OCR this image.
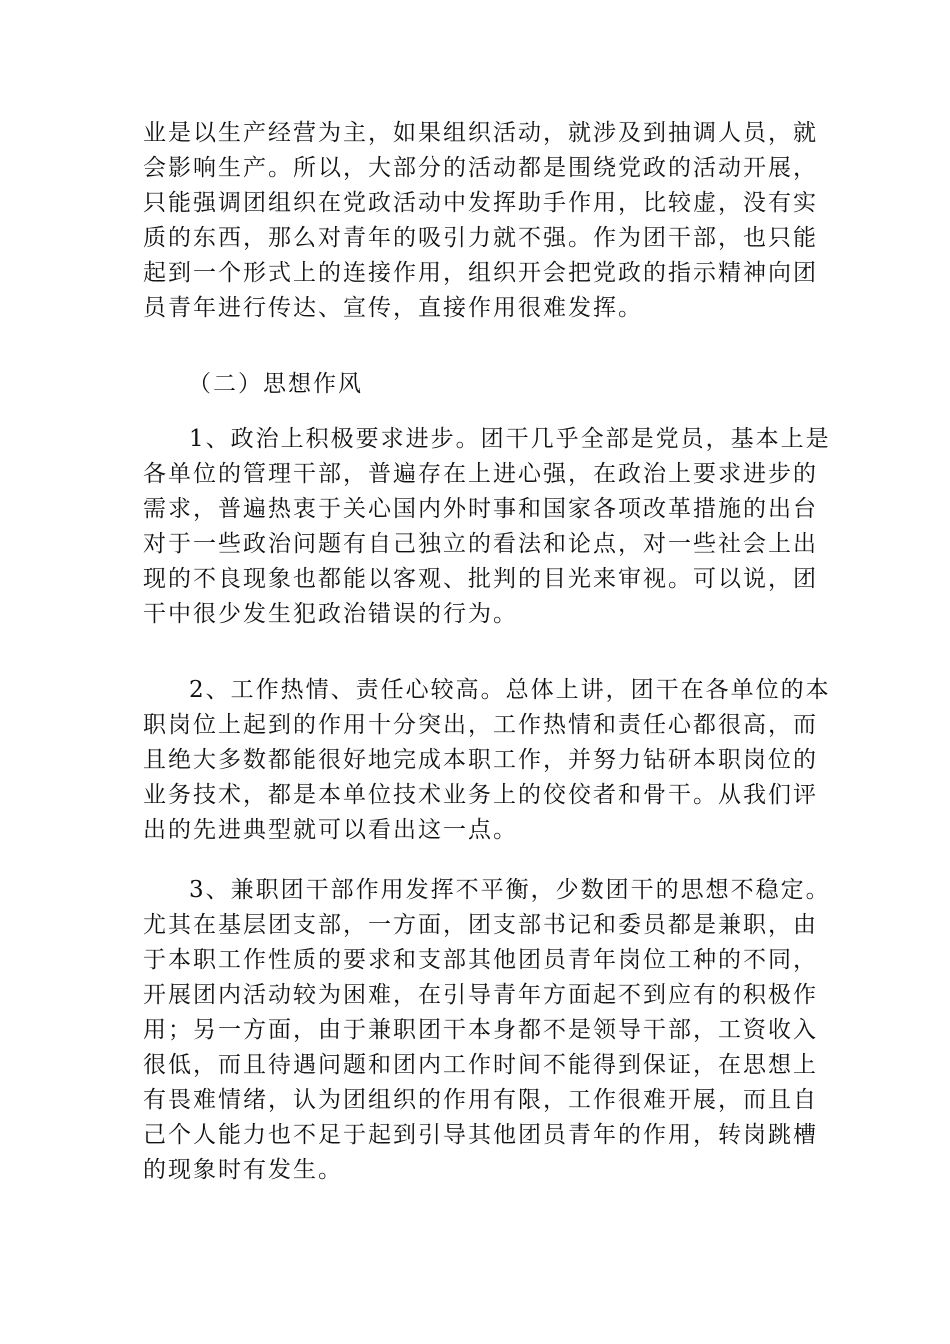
业是以生产经营为主，如果组织活动，就涉及到抽调人员，就
会影响生产。所以，大部分的活动都是围绕党政的活动开展，
只能强调团组织在党政活动中发挥助手作用，比较虚，没有实
质的东西，那么对青年的吸引力就不强。作为团干部，也只能
起到一个形式上的连接作用，组织开会把党政的指示精神向团
员青年进行传达、宣传，直接作用很难发挥。
（二）思想作风
1、政治上积极要求进步。团干几乎全部是党员，基本上是
各单位的管理干部，普遍存在上进心强，在政治上要求进步的
需求，普遍热衷于关心国内外时事和国家各项改革措施的出台
对于一些政治问题有自己独立的看法和论点，对一些社会上出
现的不良现象也都能以客观、批判的目光来审视。可以说，团
干中很少发生犯政治错误的行为。
2、工作热情、责任心较高。总体上讲，团干在各单位的本
职岗位上起到的作用十分突出，工作热情和责任心都很高，而
且绝大多数都能很好地完成本职工作，并努力钻研本职岗位的
业务技术，都是本单位技术业务上的佼佼者和骨干。从我们评
出的先进典型就可以看出这一点。
3、兼职团干部作用发挥不平衡，少数团干的思想不稳定。
尤其在基层团支部，一方面，团支部书记和委员都是兼职，由
于本职工作性质的要求和支部其他团员青年岗位工种的不同，
开展团内活动较为困难，在引导青年方面起不到应有的积极作
用；另一方面，由于兼职团干本身都不是领导干部，工资收入
很低，而且待遇问题和团内工作时间不能得到保证，在思想上
有畏难情绪，认为团组织的作用有限，工作很难开展，而且自
己个人能力也不足于起到引导其他团员青年的作用，转岗跳槽
的现象时有发生。
